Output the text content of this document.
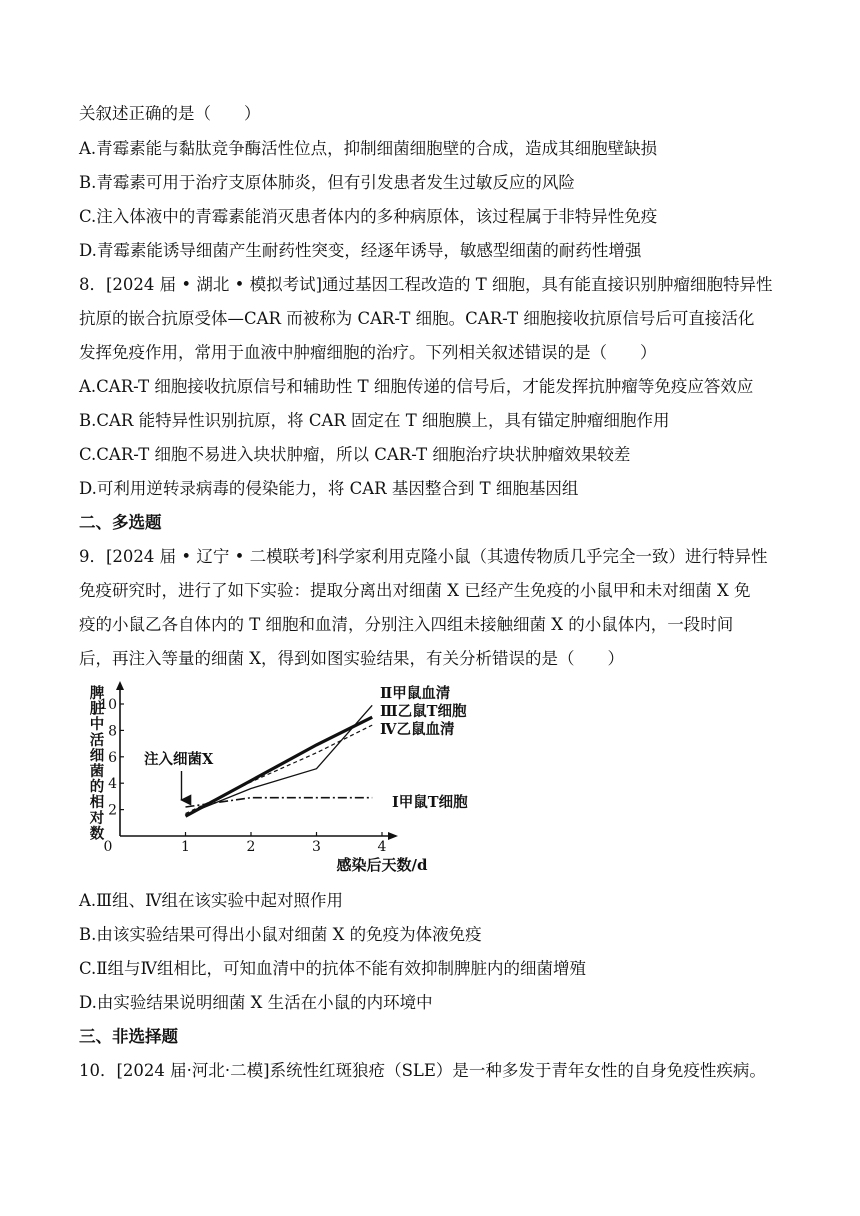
关叙述正确的是（　　）
A.青霉素能与黏肽竞争酶活性位点，抑制细菌细胞壁的合成，造成其细胞壁缺损
B.青霉素可用于治疗支原体肺炎，但有引发患者发生过敏反应的风险
C.注入体液中的青霉素能消灭患者体内的多种病原体，该过程属于非特异性免疫
D.青霉素能诱导细菌产生耐药性突变，经逐年诱导，敏感型细菌的耐药性增强
8．[2024 届 • 湖北 • 模拟考试]通过基因工程改造的 T 细胞，具有能直接识别肿瘤细胞特异性
抗原的嵌合抗原受体—CAR 而被称为 CAR-T 细胞。CAR-T 细胞接收抗原信号后可直接活化
发挥免疫作用，常用于血液中肿瘤细胞的治疗。下列相关叙述错误的是（　　）
A.CAR-T 细胞接收抗原信号和辅助性 T 细胞传递的信号后，才能发挥抗肿瘤等免疫应答效应
B.CAR 能特异性识别抗原，将 CAR 固定在 T 细胞膜上，具有锚定肿瘤细胞作用
C.CAR-T 细胞不易进入块状肿瘤，所以 CAR-T 细胞治疗块状肿瘤效果较差
D.可利用逆转录病毒的侵染能力，将 CAR 基因整合到 T 细胞基因组
二、多选题
9．[2024 届 • 辽宁 • 二模联考]科学家利用克隆小鼠（其遗传物质几乎完全一致）进行特异性
免疫研究时，进行了如下实验：提取分离出对细菌 X 已经产生免疫的小鼠甲和未对细菌 X 免
疫的小鼠乙各自体内的 T 细胞和血清，分别注入四组未接触细菌 X 的小鼠体内，一段时间
后，再注入等量的细菌 X，得到如图实验结果，有关分析错误的是（　　）
2
4
6
8
10
0	1	2	3	4
脾脏中活细菌的相对数
感染后天数/d
Ⅱ甲鼠血清
Ⅲ乙鼠T细胞
Ⅳ乙鼠血清
Ⅰ甲鼠T细胞
注入细菌X
A.Ⅲ组、Ⅳ组在该实验中起对照作用
B.由该实验结果可得出小鼠对细菌 X 的免疫为体液免疫
C.Ⅱ组与Ⅳ组相比，可知血清中的抗体不能有效抑制脾脏内的细菌增殖
D.由实验结果说明细菌 X 生活在小鼠的内环境中
三、非选择题
10．[2024 届·河北·二模]系统性红斑狼疮（SLE）是一种多发于青年女性的自身免疫性疾病。
